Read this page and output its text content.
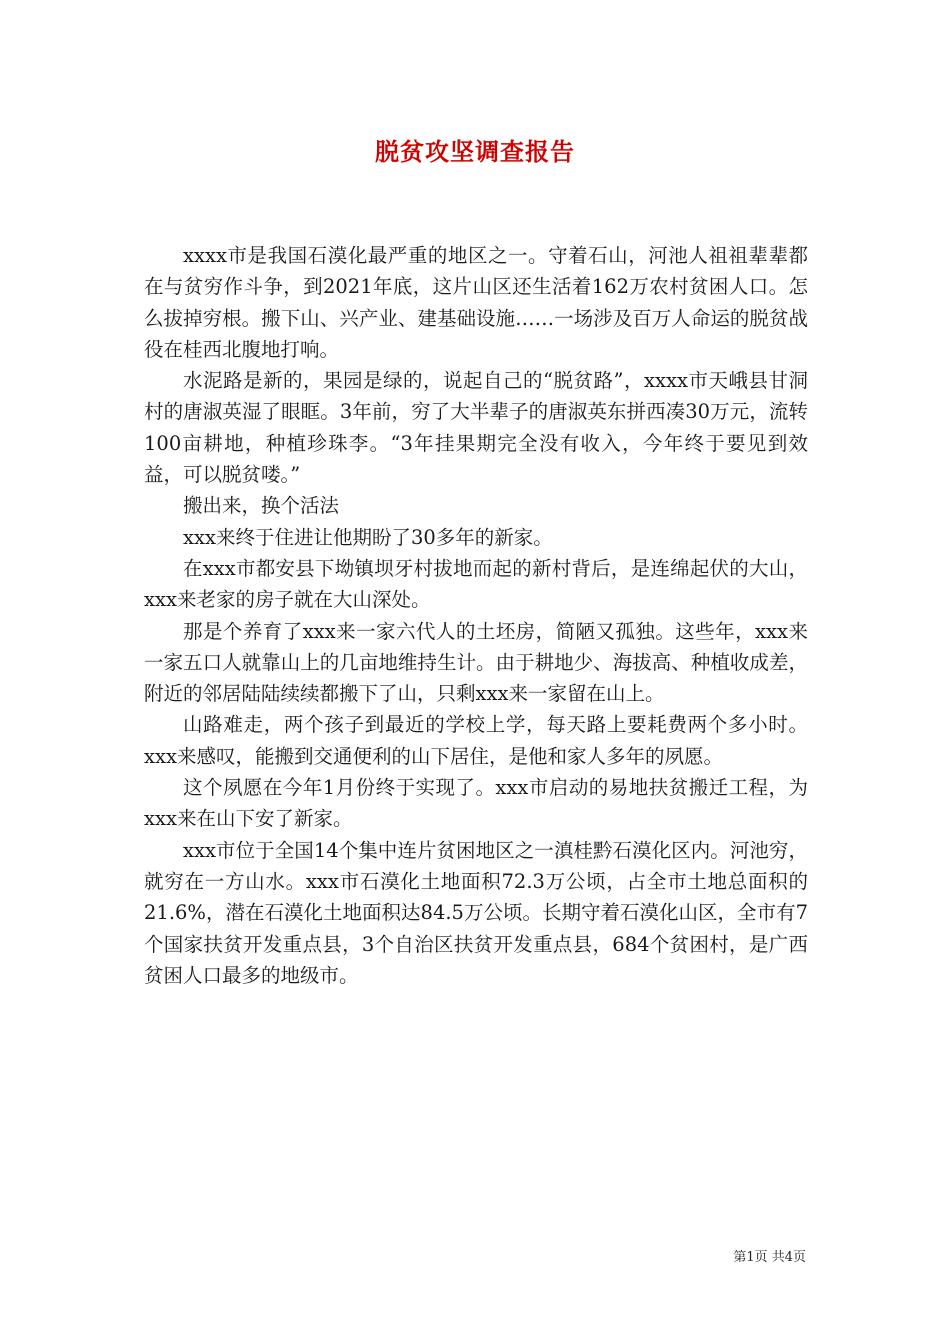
脱贫攻坚调查报告

xxxx市是我国石漠化最严重的地区之一。守着石山，河池人祖祖辈辈都在与贫穷作斗争，到2021年底，这片山区还生活着162万农村贫困人口。怎么拔掉穷根。搬下山、兴产业、建基础设施……一场涉及百万人命运的脱贫战役在桂西北腹地打响。

水泥路是新的，果园是绿的，说起自己的“脱贫路”，xxxx市天峨县甘洞村的唐淑英湿了眼眶。3年前，穷了大半辈子的唐淑英东拼西凑30万元，流转100亩耕地，种植珍珠李。“3年挂果期完全没有收入，今年终于要见到效益，可以脱贫喽。”

搬出来，换个活法

xxx来终于住进让他期盼了30多年的新家。

在xxx市都安县下坳镇坝牙村拔地而起的新村背后，是连绵起伏的大山，xxx来老家的房子就在大山深处。

那是个养育了xxx来一家六代人的土坯房，简陋又孤独。这些年，xxx来一家五口人就靠山上的几亩地维持生计。由于耕地少、海拔高、种植收成差，附近的邻居陆陆续续都搬下了山，只剩xxx来一家留在山上。

山路难走，两个孩子到最近的学校上学，每天路上要耗费两个多小时。xxx来感叹，能搬到交通便利的山下居住，是他和家人多年的夙愿。

这个夙愿在今年1月份终于实现了。xxx市启动的易地扶贫搬迁工程，为xxx来在山下安了新家。

xxx市位于全国14个集中连片贫困地区之一滇桂黔石漠化区内。河池穷，就穷在一方山水。xxx市石漠化土地面积72.3万公顷，占全市土地总面积的21.6%，潜在石漠化土地面积达84.5万公顷。长期守着石漠化山区，全市有7个国家扶贫开发重点县，3个自治区扶贫开发重点县，684个贫困村，是广西贫困人口最多的地级市。

第1页 共4页
